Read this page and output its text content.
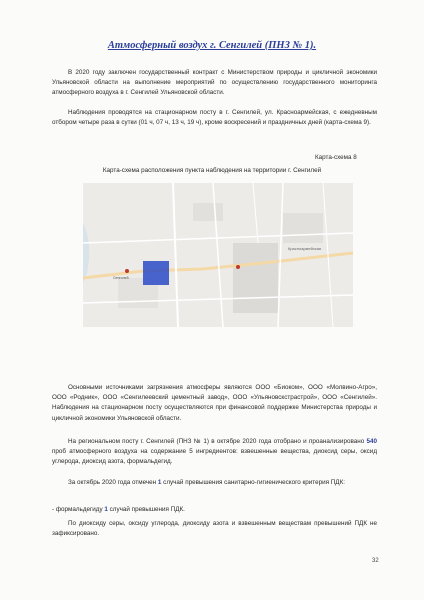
Атмосферный воздух г. Сенгилей (ПНЗ № 1).
В 2020 году заключен государственный контракт с Министерством природы и цикличной экономики Ульяновской области на выполнение мероприятий по осуществлению государственного мониторинга атмосферного воздуха в г. Сенгилей Ульяновской области.
Наблюдения проводятся на стационарном посту в г. Сенгилей, ул. Красноармейская, с ежедневным отбором четыре раза в сутки (01 ч, 07 ч, 13 ч, 19 ч), кроме воскресений и праздничных дней (карта-схема 9).
Карта-схема 8
Карта-схема расположения пункта наблюдения на территории г. Сенгилей
Красноармейская
Сенгилей
Основными источниками загрязнения атмосферы являются ООО «Биоком», ООО «Молвино-Агро», ООО «Родник», ООО «Сенгилеевский цементный завод», ООО «Ульяновскстрастрой», ООО «Сенгилей». Наблюдения на стационарном посту осуществляются при финансовой поддержке Министерства природы и цикличной экономики Ульяновской области.
На региональном посту г. Сенгилей (ПНЗ № 1) в октябре 2020 года отобрано и проанализировано 540 проб атмосферного воздуха на содержание 5 ингредиентов: взвешенные вещества, диоксид серы, оксид углерода, диоксид азота, формальдегид.
За октябрь 2020 года отмечен 1 случай превышения санитарно-гигиенического критерия ПДК:
- формальдегиду 1 случай превышения ПДК.
По диоксиду серы, оксиду углерода, диоксиду азота и взвешенным веществам превышений ПДК не зафиксировано.
32
